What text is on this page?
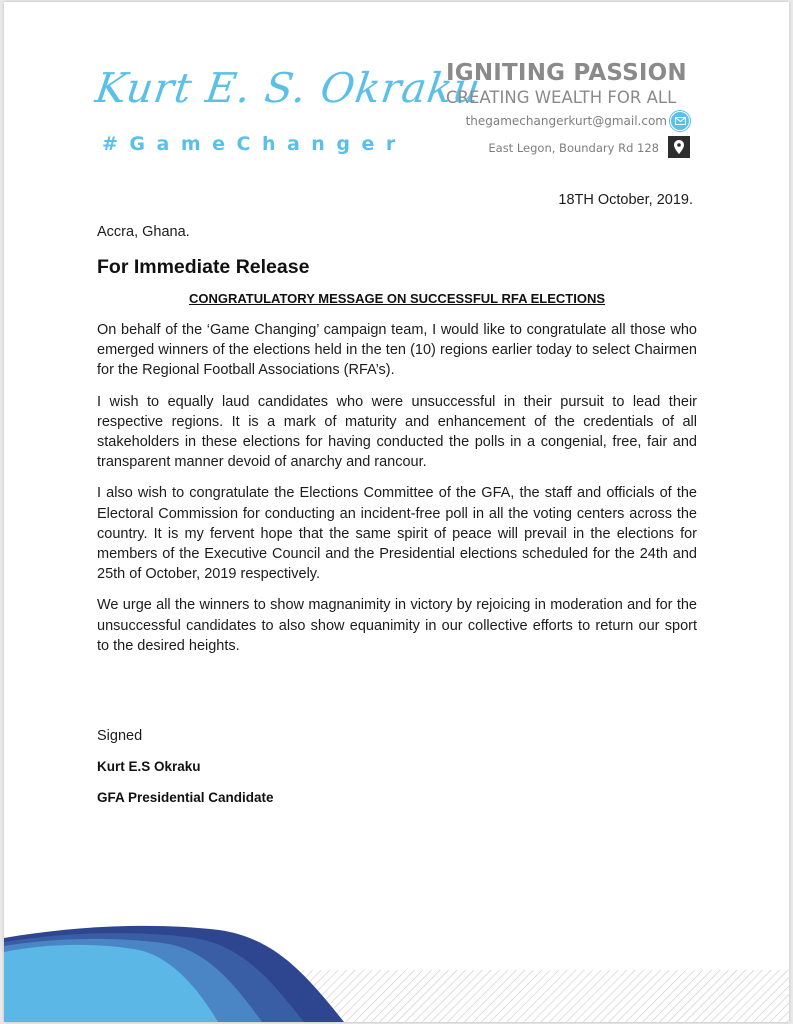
Kurt E. S. Okraku
#GameChanger
IGNITING PASSION
CREATING WEALTH FOR ALL
thegamechangerkurt@gmail.com
East Legon, Boundary Rd 128
18TH October, 2019.
Accra, Ghana.
For Immediate Release
CONGRATULATORY MESSAGE ON SUCCESSFUL RFA ELECTIONS

On behalf of the ‘Game Changing’ campaign team, I would like to congratulate all those who emerged winners of the elections held in the ten (10) regions earlier today to select Chairmen for the Regional Football Associations (RFA’s).

I wish to equally laud candidates who were unsuccessful in their pursuit to lead their respective regions. It is a mark of maturity and enhancement of the credentials of all stakeholders in these elections for having conducted the polls in a congenial, free, fair and transparent manner devoid of anarchy and rancour.

I also wish to congratulate the Elections Committee of the GFA, the staff and officials of the Electoral Commission for conducting an incident-free poll in all the voting centers across the country. It is my fervent hope that the same spirit of peace will prevail in the elections for members of the Executive Council and the Presidential elections scheduled for the 24th and 25th of October, 2019 respectively.

We urge all the winners to show magnanimity in victory by rejoicing in moderation and for the unsuccessful candidates to also show equanimity in our collective efforts to return our sport to the desired heights.

Signed
Kurt E.S Okraku
GFA Presidential Candidate
